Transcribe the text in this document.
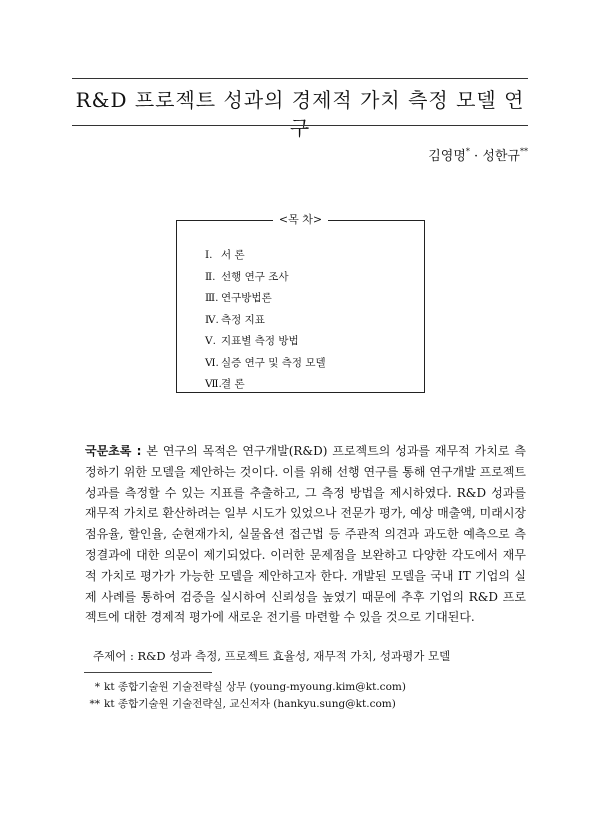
R&D 프로젝트 성과의 경제적 가치 측정 모델 연구
김영명* · 성한규**
<목 차>
Ⅰ. 서 론
Ⅱ. 선행 연구 조사
Ⅲ. 연구방법론
Ⅳ. 측정 지표
Ⅴ. 지표별 측정 방법
Ⅵ. 실증 연구 및 측정 모델
Ⅶ.결 론

국문초록 : 본 연구의 목적은 연구개발(R&D) 프로젝트의 성과를 재무적 가치로 측정하기 위한 모델을 제안하는 것이다. 이를 위해 선행 연구를 통해 연구개발 프로젝트 성과를 측정할 수 있는 지표를 추출하고, 그 측정 방법을 제시하였다. R&D 성과를 재무적 가치로 환산하려는 일부 시도가 있었으나 전문가 평가, 예상 매출액, 미래시장 점유율, 할인율, 순현재가치, 실물옵션 접근법 등 주관적 의견과 과도한 예측으로 측정결과에 대한 의문이 제기되었다. 이러한 문제점을 보완하고 다양한 각도에서 재무적 가치로 평가가 가능한 모델을 제안하고자 한다. 개발된 모델을 국내 IT 기업의 실제 사례를 통하여 검증을 실시하여 신뢰성을 높였기 때문에 추후 기업의 R&D 프로젝트에 대한 경제적 평가에 새로운 전기를 마련할 수 있을 것으로 기대된다.

주제어 : R&D 성과 측정, 프로젝트 효율성, 재무적 가치, 성과평가 모델
* kt 종합기술원 기술전략실 상무 (young-myoung.kim@kt.com)
** kt 종합기술원 기술전략실, 교신저자 (hankyu.sung@kt.com)
